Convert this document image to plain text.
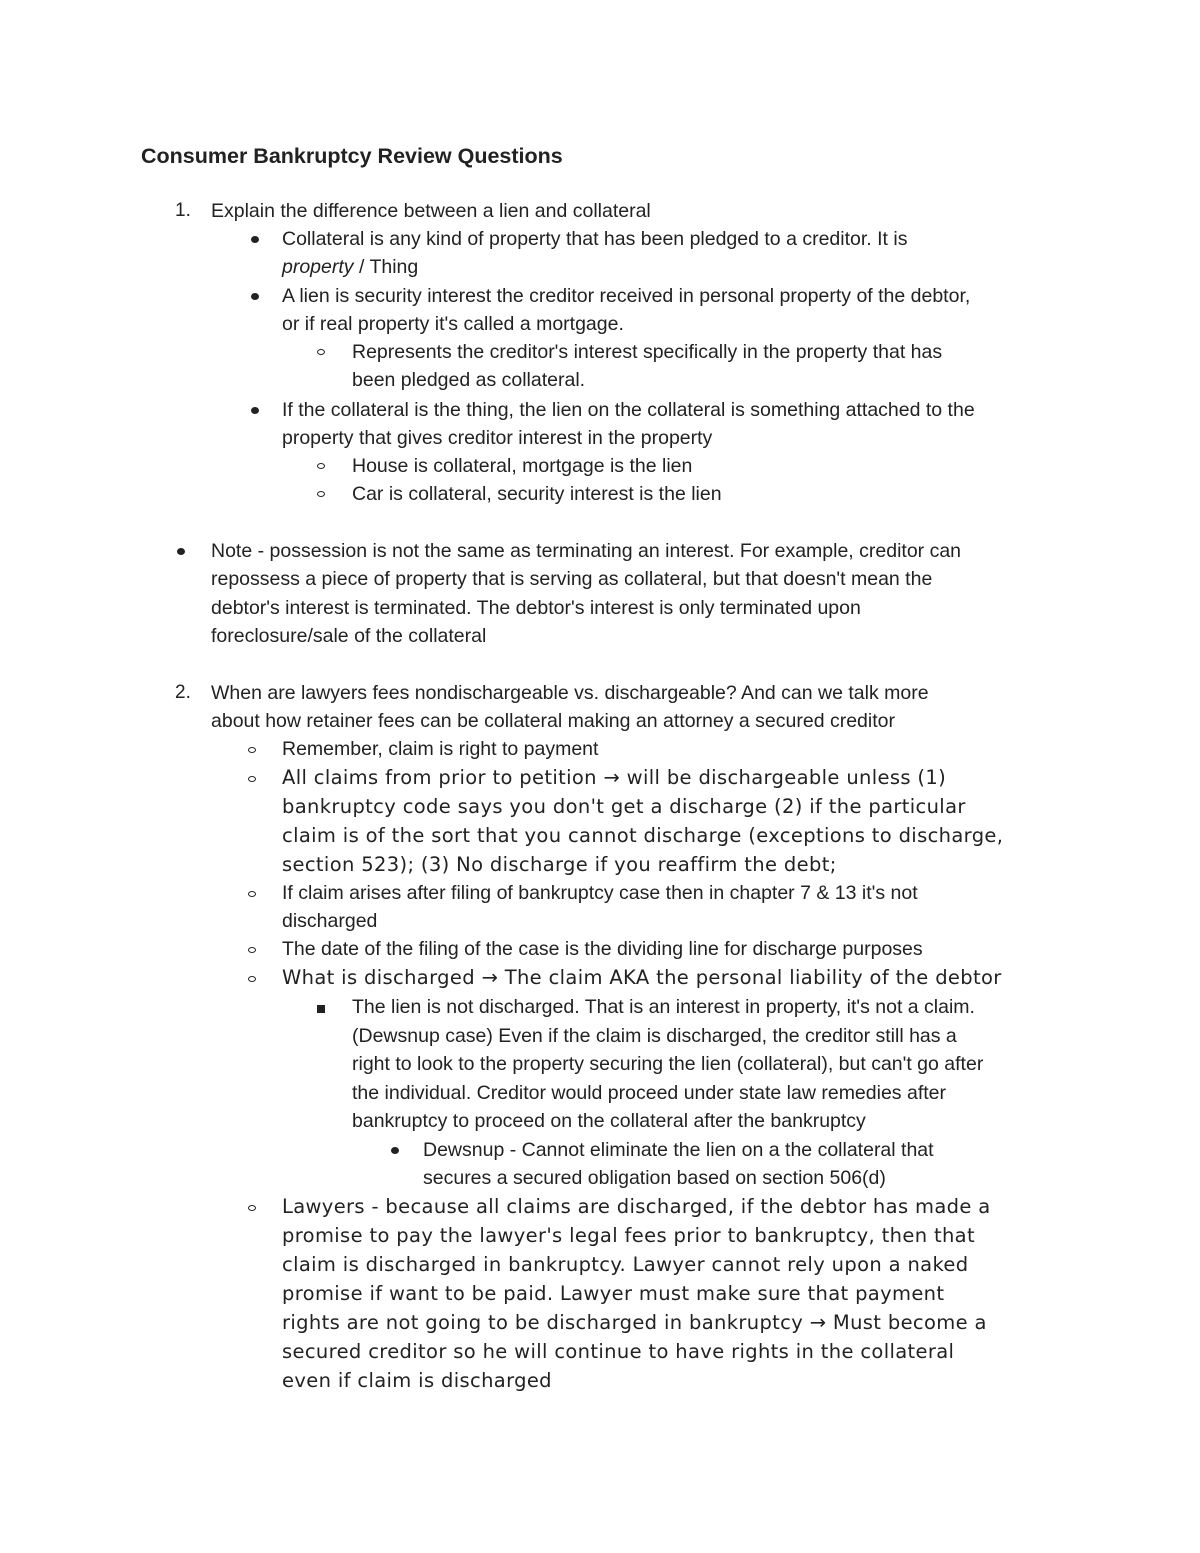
Consumer Bankruptcy Review Questions
1. Explain the difference between a lien and collateral
Collateral is any kind of property that has been pledged to a creditor. It is
property / Thing
A lien is security interest the creditor received in personal property of the debtor,
or if real property it's called a mortgage.
Represents the creditor's interest specifically in the property that has
been pledged as collateral.
If the collateral is the thing, the lien on the collateral is something attached to the
property that gives creditor interest in the property
House is collateral, mortgage is the lien
Car is collateral, security interest is the lien
Note - possession is not the same as terminating an interest. For example, creditor can
repossess a piece of property that is serving as collateral, but that doesn't mean the
debtor's interest is terminated. The debtor's interest is only terminated upon
foreclosure/sale of the collateral
2. When are lawyers fees nondischargeable vs. dischargeable? And can we talk more
about how retainer fees can be collateral making an attorney a secured creditor
Remember, claim is right to payment
All claims from prior to petition → will be dischargeable unless (1)
bankruptcy code says you don't get a discharge (2) if the particular
claim is of the sort that you cannot discharge (exceptions to discharge,
section 523); (3) No discharge if you reaffirm the debt;
If claim arises after filing of bankruptcy case then in chapter 7 & 13 it's not
discharged
The date of the filing of the case is the dividing line for discharge purposes
What is discharged → The claim AKA the personal liability of the debtor
The lien is not discharged. That is an interest in property, it's not a claim.
(Dewsnup case) Even if the claim is discharged, the creditor still has a
right to look to the property securing the lien (collateral), but can't go after
the individual. Creditor would proceed under state law remedies after
bankruptcy to proceed on the collateral after the bankruptcy
Dewsnup - Cannot eliminate the lien on a the collateral that
secures a secured obligation based on section 506(d)
Lawyers - because all claims are discharged, if the debtor has made a
promise to pay the lawyer's legal fees prior to bankruptcy, then that
claim is discharged in bankruptcy. Lawyer cannot rely upon a naked
promise if want to be paid. Lawyer must make sure that payment
rights are not going to be discharged in bankruptcy → Must become a
secured creditor so he will continue to have rights in the collateral
even if claim is discharged
